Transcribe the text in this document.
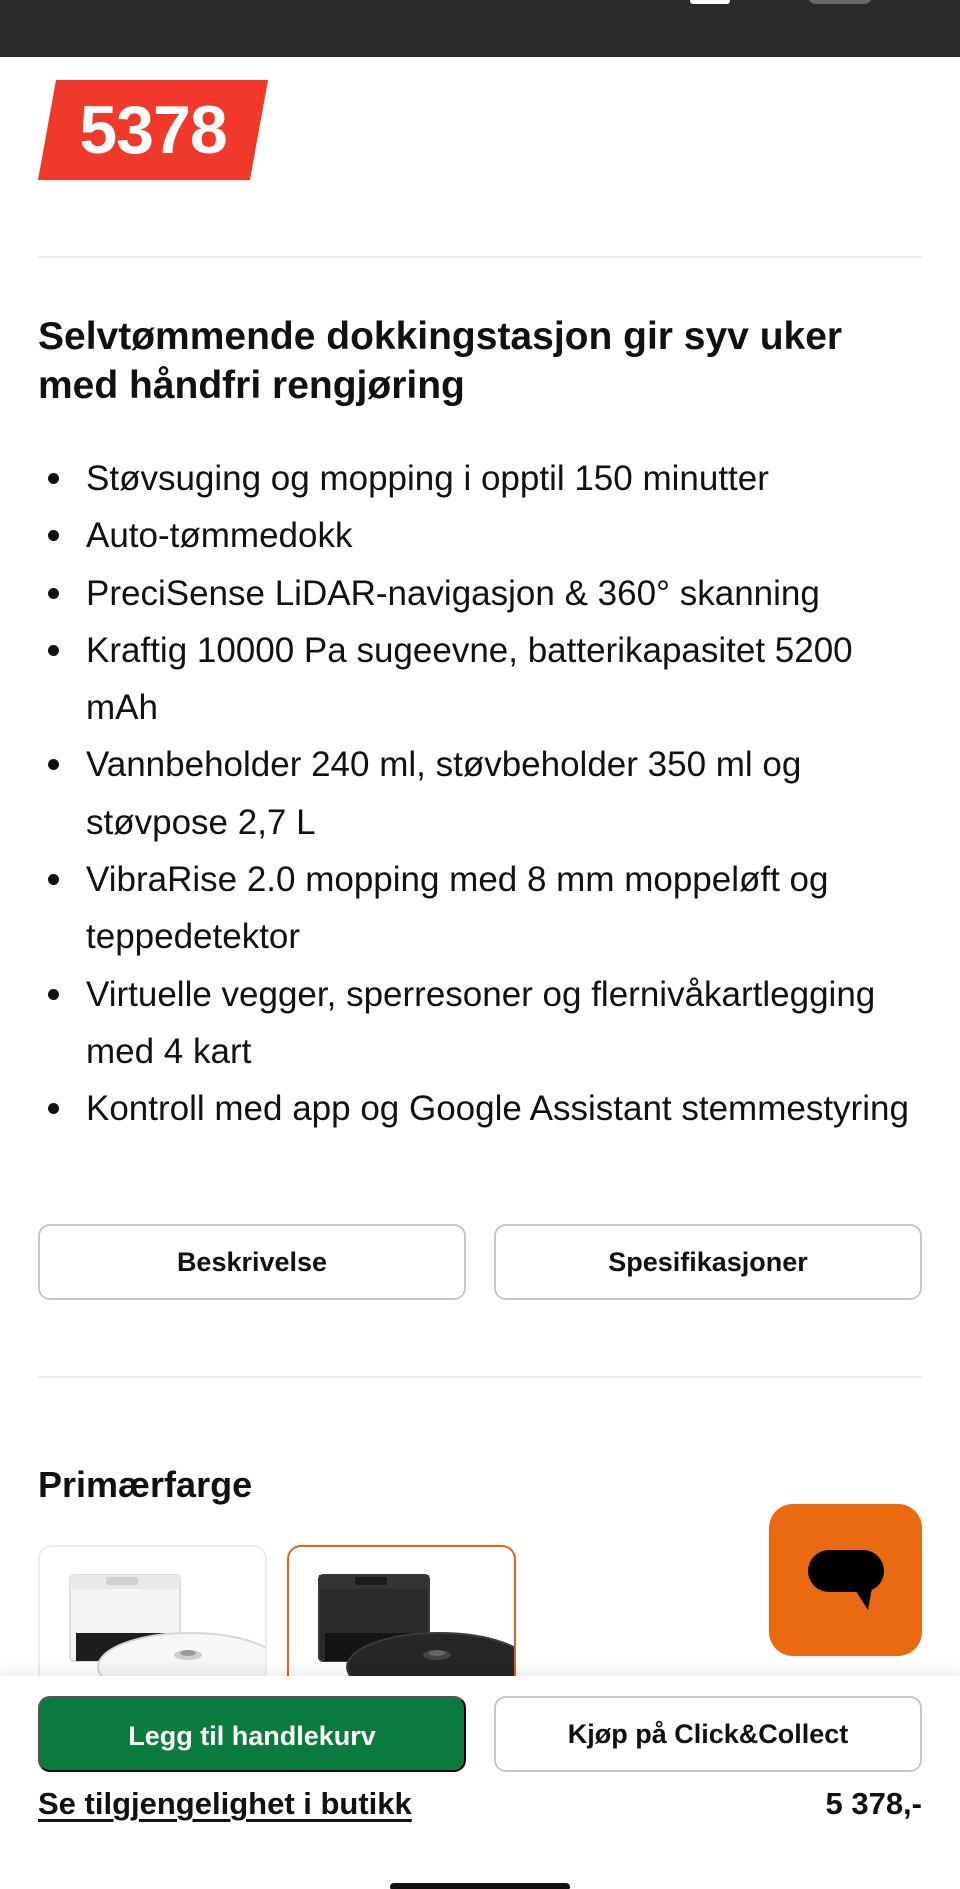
5378
Selvtømmende dokkingstasjon gir syv uker med håndfri rengjøring
Støvsuging og mopping i opptil 150 minutter
Auto-tømmedokk
PreciSense LiDAR-navigasjon & 360° skanning
Kraftig 10000 Pa sugeevne, batterikapasitet 5200 mAh
Vannbeholder 240 ml, støvbeholder 350 ml og støvpose 2,7 L
VibraRise 2.0 mopping med 8 mm moppeløft og teppedetektor
Virtuelle vegger, sperresoner og flernivåkartlegging med 4 kart
Kontroll med app og Google Assistant stemmestyring
Beskrivelse	Spesifikasjoner
Primærfarge
Legg til handlekurv	Kjøp på Click&Collect
Se tilgjengelighet i butikk	5 378,-
